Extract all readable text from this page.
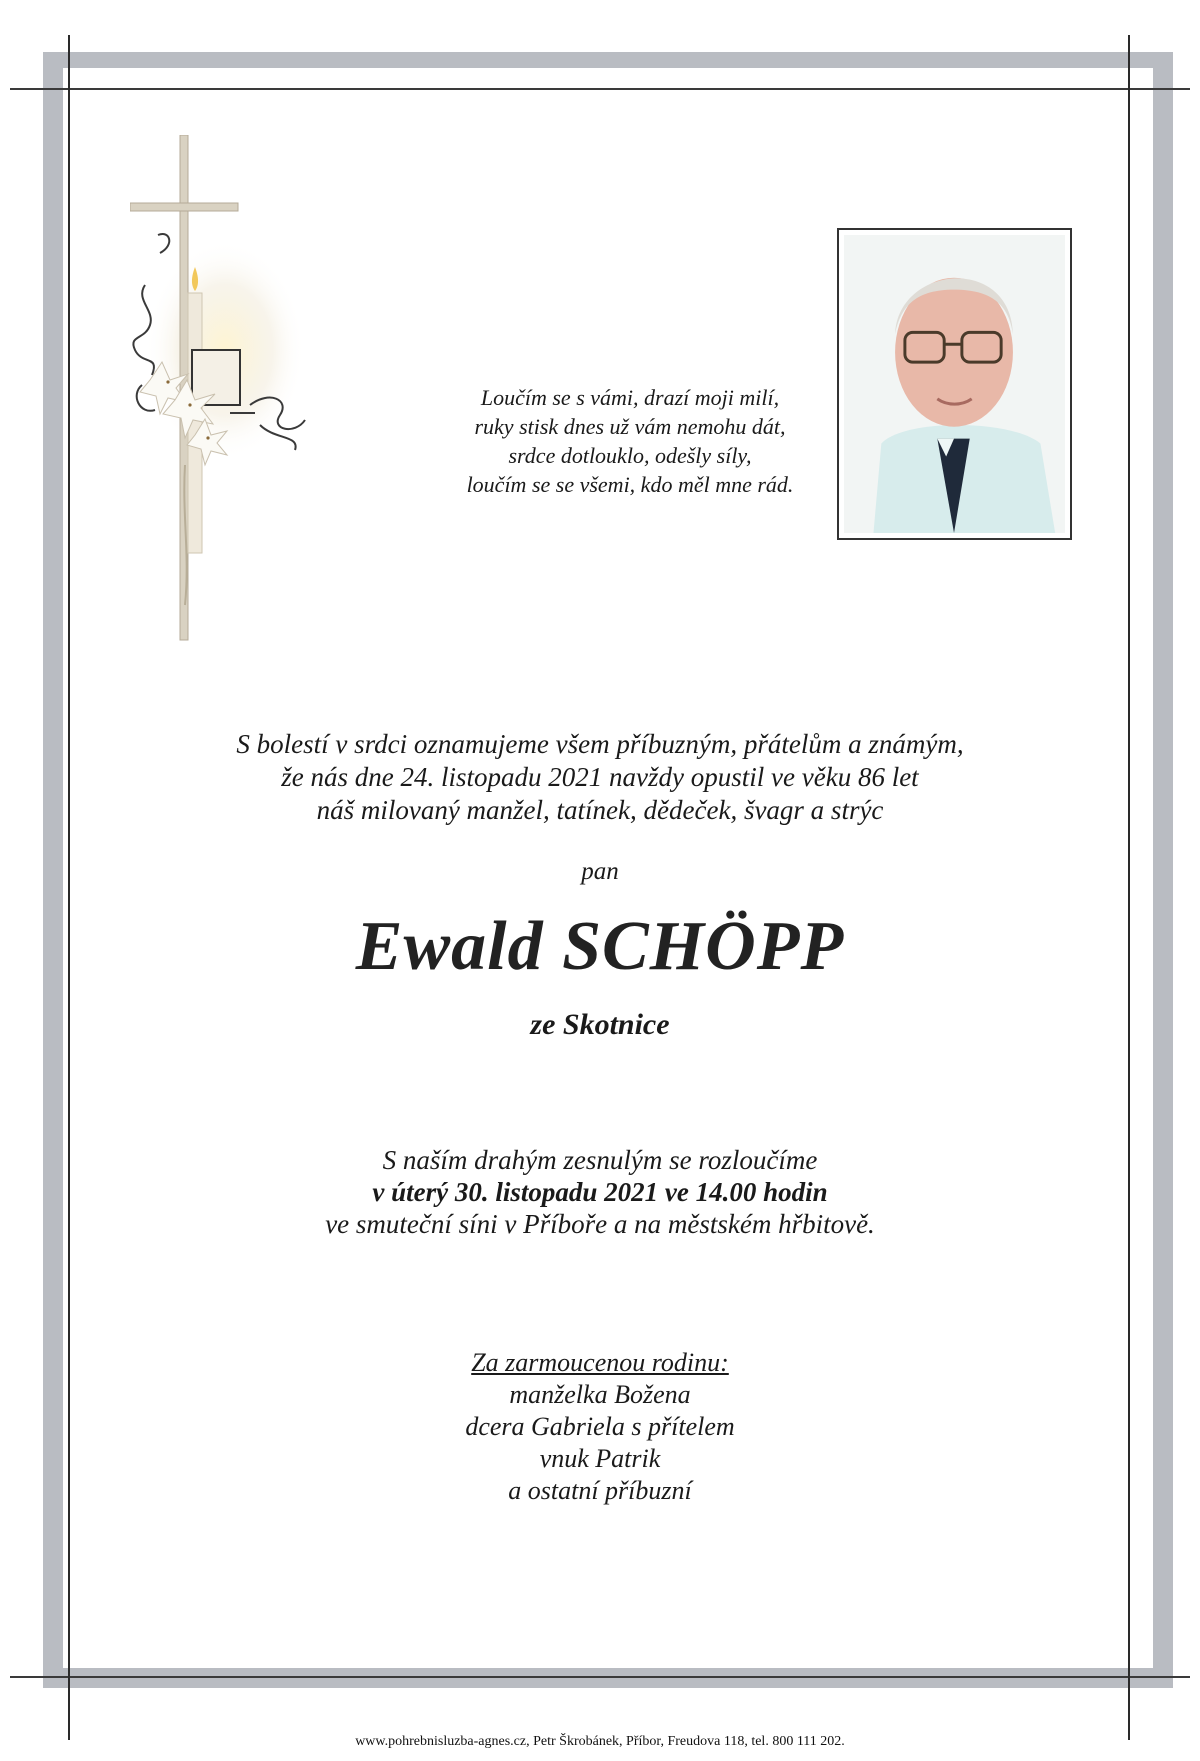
Loučím se s vámi, drazí moji milí,
ruky stisk dnes už vám nemohu dát,
srdce dotlouklo, odešly síly,
loučím se se všemi, kdo měl mne rád.
S bolestí v srdci oznamujeme všem příbuzným, přátelům a známým,
že nás dne 24. listopadu 2021 navždy opustil ve věku 86 let
náš milovaný manžel, tatínek, dědeček, švagr a strýc
pan
Ewald SCHÖPP
ze Skotnice
S naším drahým zesnulým se rozloučíme
v úterý 30. listopadu 2021 ve 14.00 hodin
ve smuteční síni v Příboře a na městském hřbitově.
Za zarmoucenou rodinu:
manželka Božena
dcera Gabriela s přítelem
vnuk Patrik
a ostatní příbuzní
www.pohrebnisluzba-agnes.cz, Petr Škrobánek, Příbor, Freudova 118, tel. 800 111 202.
